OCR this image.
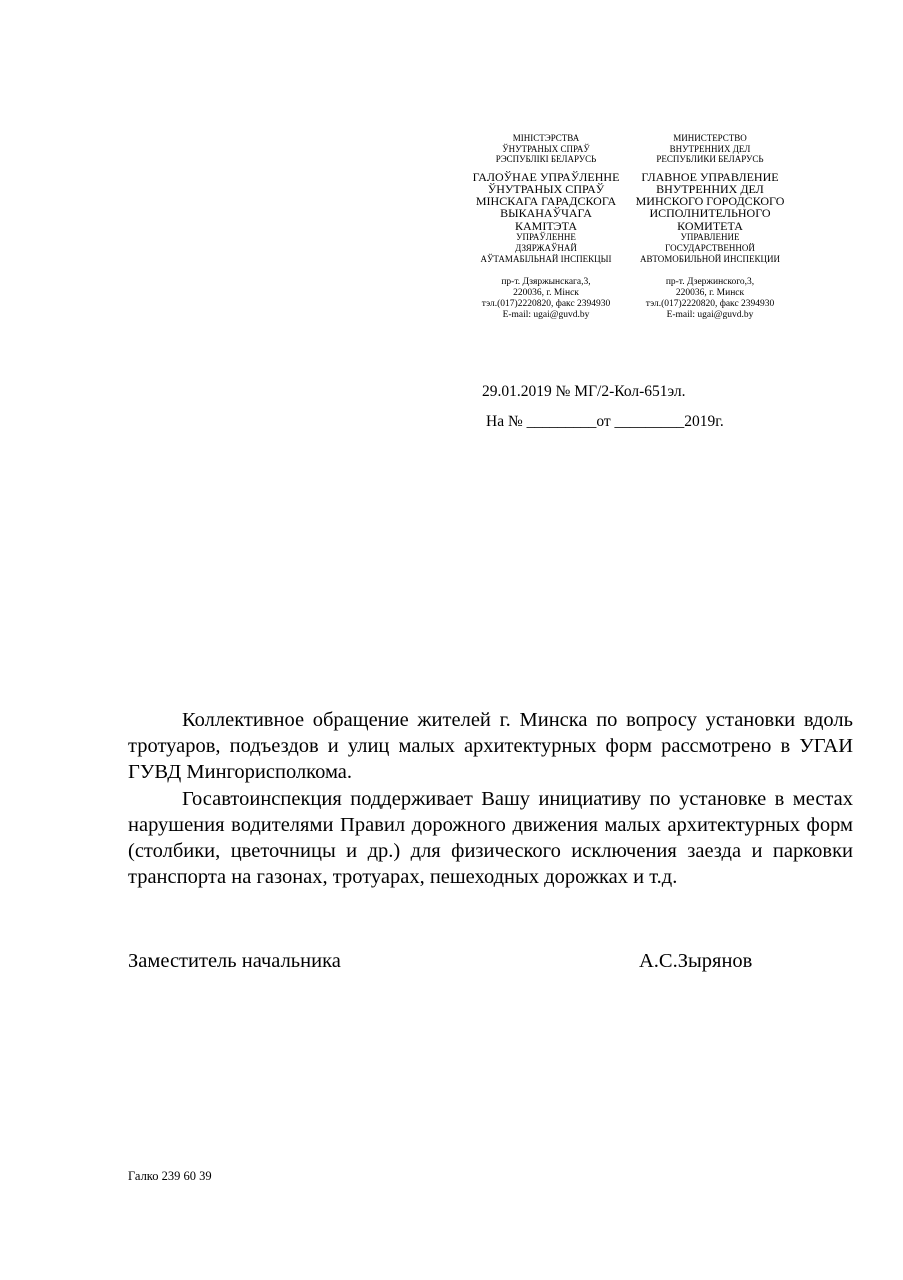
МІНІСТЭРСТВА
ЎНУТРАНЫХ СПРАЎ
РЭСПУБЛІКІ БЕЛАРУСЬ
ГАЛОЎНАЕ УПРАЎЛЕННЕ
ЎНУТРАНЫХ СПРАЎ
МІНСКАГА ГАРАДСКОГА
ВЫКАНАЎЧАГА
КАМІТЭТА
УПРАЎЛЕННЕ
ДЗЯРЖАЎНАЙ
АЎТАМАБІЛЬНАЙ ІНСПЕКЦЫІ
пр-т. Дзяржынскага,3,
220036, г. Мінск
тэл.(017)2220820, факс 2394930
E-mail: ugai@guvd.by
МИНИСТЕРСТВО
ВНУТРЕННИХ ДЕЛ
РЕСПУБЛИКИ БЕЛАРУСЬ
ГЛАВНОЕ УПРАВЛЕНИЕ
ВНУТРЕННИХ ДЕЛ
МИНСКОГО ГОРОДСКОГО
ИСПОЛНИТЕЛЬНОГО
КОМИТЕТА
УПРАВЛЕНИЕ
ГОСУДАРСТВЕННОЙ
АВТОМОБИЛЬНОЙ ИНСПЕКЦИИ
пр-т. Дзержинского,3,
220036, г. Минск
тэл.(017)2220820, факс 2394930
E-mail: ugai@guvd.by
29.01.2019 № МГ/2-Кол-651эл.
На № _________от _________2019г.

Коллективное обращение жителей г. Минска по вопросу установки вдоль тротуаров, подъездов и улиц малых архитектурных форм рассмотрено в УГАИ ГУВД Мингорисполкома.

Госавтоинспекция поддерживает Вашу инициативу по установке в местах нарушения водителями Правил дорожного движения малых архитектурных форм (столбики, цветочницы и др.) для физического исключения заезда и парковки транспорта на газонах, тротуарах, пешеходных дорожках и т.д.

Заместитель начальника	А.С.Зырянов
Галко 239 60 39
